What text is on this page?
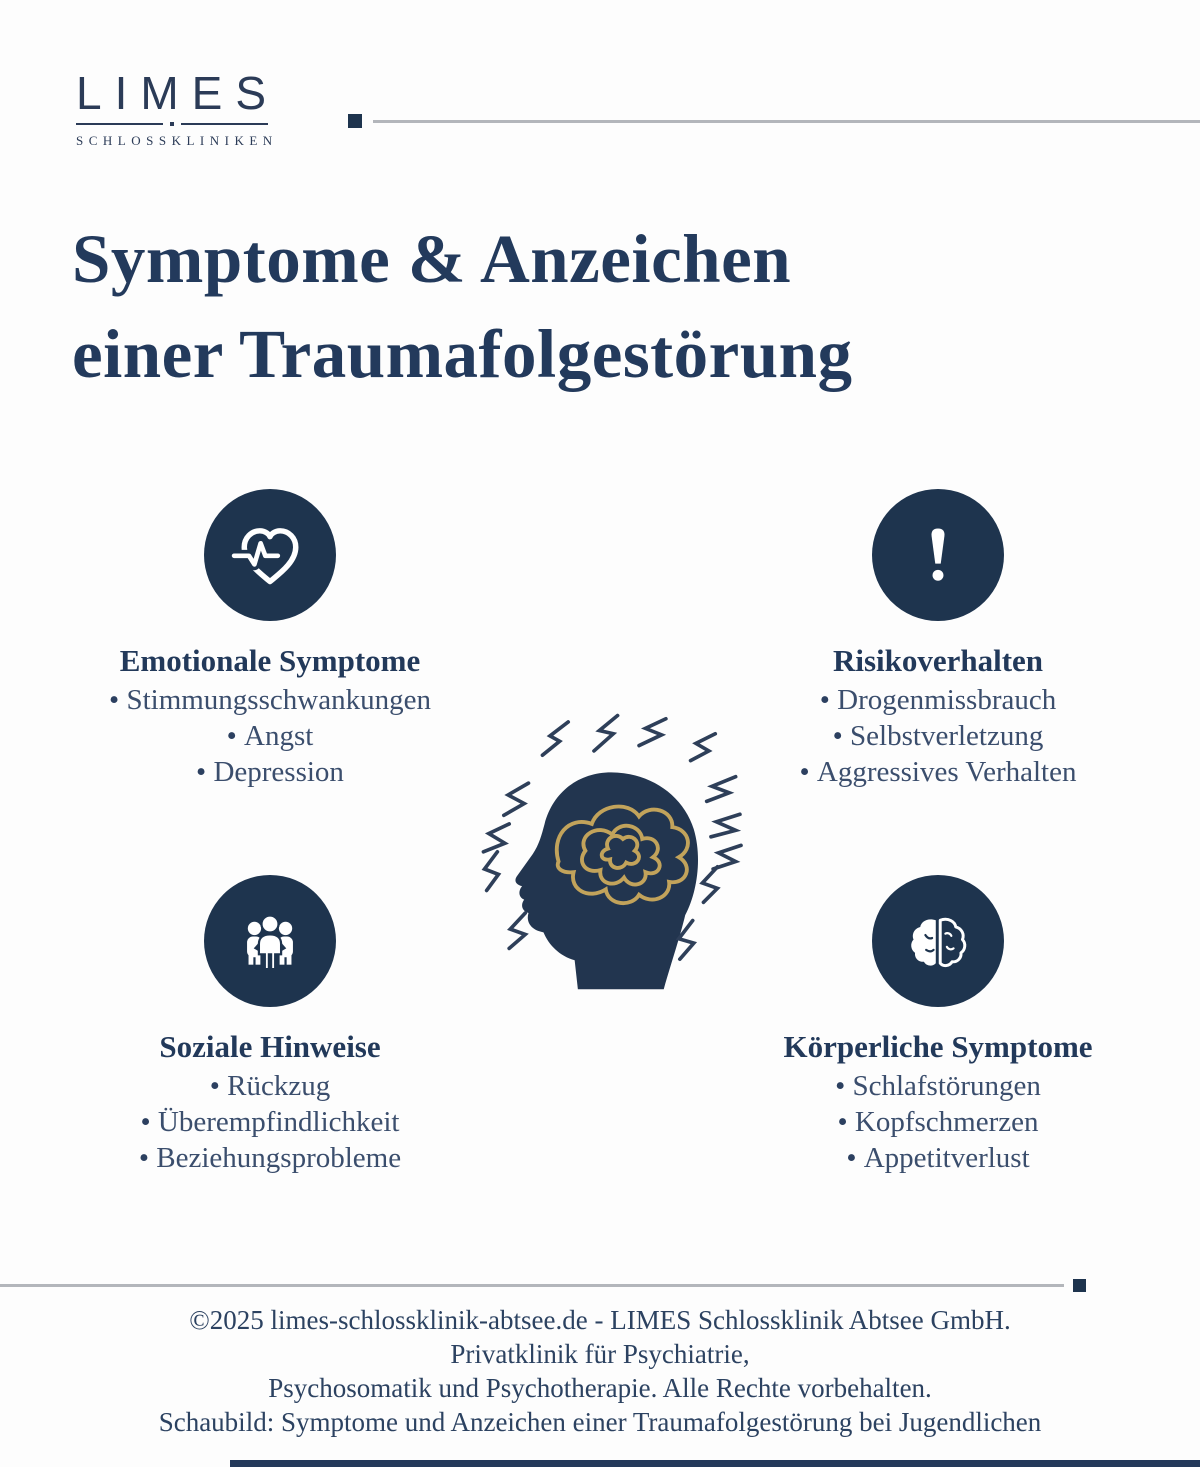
LIMES
SCHLOSSKLINIKEN
Symptome & Anzeichen
einer Traumafolgestörung
Emotionale Symptome
• Stimmungsschwankungen
• Angst
• Depression
Risikoverhalten
• Drogenmissbrauch
• Selbstverletzung
• Aggressives Verhalten
Soziale Hinweise
• Rückzug
• Überempfindlichkeit
• Beziehungsprobleme
Körperliche Symptome
• Schlafstörungen
• Kopfschmerzen
• Appetitverlust
©2025 limes-schlossklinik-abtsee.de - LIMES Schlossklinik Abtsee GmbH.
Privatklinik für Psychiatrie,
Psychosomatik und Psychotherapie. Alle Rechte vorbehalten.
Schaubild: Symptome und Anzeichen einer Traumafolgestörung bei Jugendlichen
